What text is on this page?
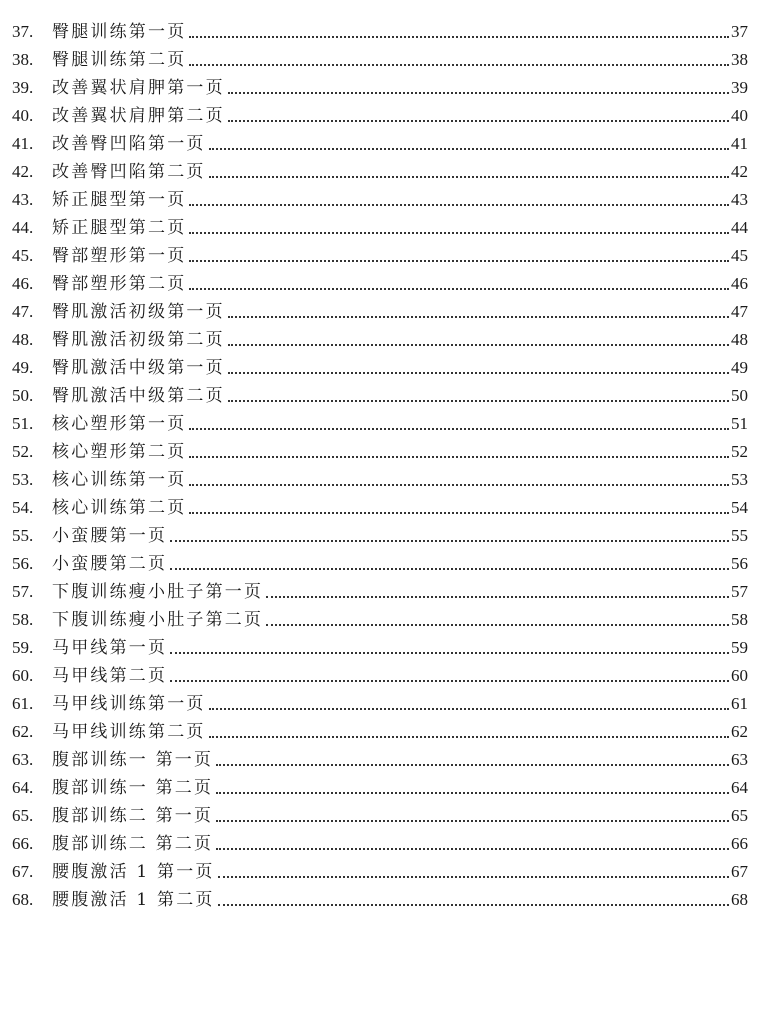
37.	臀腿训练第一页	37
38.	臀腿训练第二页	38
39.	改善翼状肩胛第一页	39
40.	改善翼状肩胛第二页	40
41.	改善臀凹陷第一页	41
42.	改善臀凹陷第二页	42
43.	矫正腿型第一页	43
44.	矫正腿型第二页	44
45.	臀部塑形第一页	45
46.	臀部塑形第二页	46
47.	臀肌激活初级第一页	47
48.	臀肌激活初级第二页	48
49.	臀肌激活中级第一页	49
50.	臀肌激活中级第二页	50
51.	核心塑形第一页	51
52.	核心塑形第二页	52
53.	核心训练第一页	53
54.	核心训练第二页	54
55.	小蛮腰第一页	55
56.	小蛮腰第二页	56
57.	下腹训练瘦小肚子第一页	57
58.	下腹训练瘦小肚子第二页	58
59.	马甲线第一页	59
60.	马甲线第二页	60
61.	马甲线训练第一页	61
62.	马甲线训练第二页	62
63.	腹部训练一 第一页	63
64.	腹部训练一 第二页	64
65.	腹部训练二 第一页	65
66.	腹部训练二 第二页	66
67.	腰腹激活 1 第一页	67
68.	腰腹激活 1 第二页	68
